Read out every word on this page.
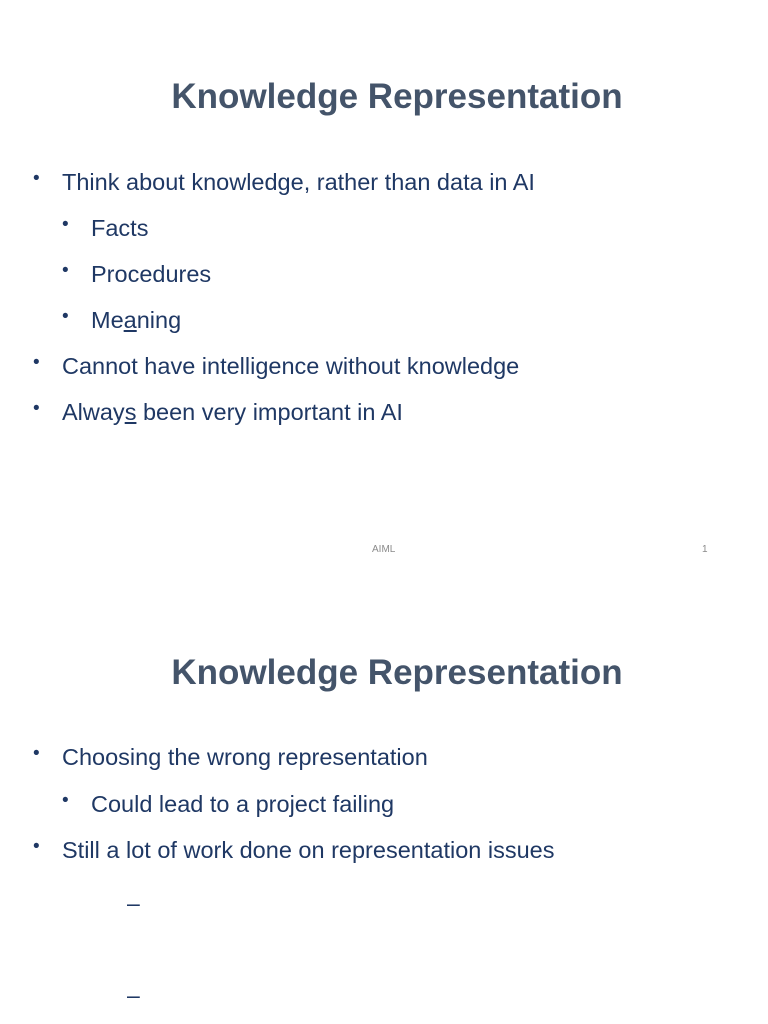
Knowledge Representation
• Think about knowledge, rather than data in AI
• Facts
• Procedures
• Meaning
• Cannot have intelligence without knowledge
• Always been very important in AI
AIML	1
Knowledge Representation
• Choosing the wrong representation
• Could lead to a project failing
• Still a lot of work done on representation issues
–
–
